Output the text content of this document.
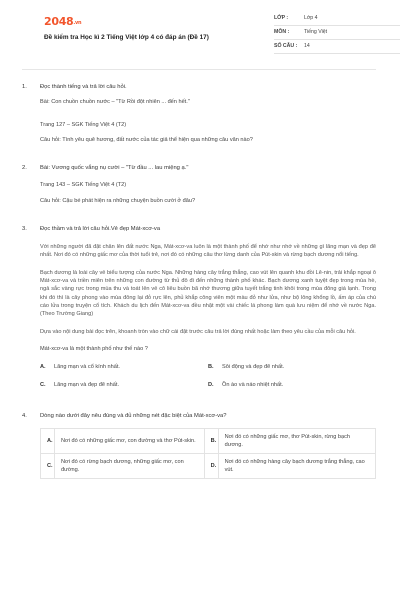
2048.vn
Đề kiểm tra Học kì 2 Tiếng Việt lớp 4 có đáp án (Đề 17)
LỚP :	Lớp 4
MÔN :	Tiếng Việt
SỐ CÂU :	14
1. Đọc thành tiếng và trả lời câu hỏi.
Bài: Con chuồn chuồn nước – "Từ Rồi đột nhiên ... đến hết."
Trang 127 – SGK Tiếng Việt 4 (T2)
Câu hỏi: Tình yêu quê hương, đất nước của tác giả thể hiện qua những câu văn nào?
2. Bài: Vương quốc vắng nụ cười – "Từ đầu ... lau miệng ạ."
Trang 143 – SGK Tiếng Việt 4 (T2)
Câu hỏi: Cậu bé phát hiện ra những chuyện buồn cười ở đâu?
3. Đọc thầm và trả lời câu hỏi.Vẻ đẹp Mát-xcơ-va
Với những người đã đặt chân lên đất nước Nga, Mát-xcơ-va luôn là một thành phố để nhớ như nhớ về những gì lãng mạn và đẹp đẽ nhất. Nơi đó có những giấc mơ của thời tuổi trẻ, nơi đó có những câu thơ lừng danh của Pút-skin và rừng bạch dương nổi tiếng.
Bạch dương là loài cây vẻ biểu tượng của nước Nga. Những hàng cây trắng thẳng, cao vút lên quanh khu đồi Lê-nin, trải khắp ngoại ô Mát-xcơ-va và triền miên trên những con đường từ thủ đô đi đến những thành phố khác. Bạch dương xanh tuyệt đẹp trong mùa hè, ngả sắc vàng rực trong mùa thu và toát lên vẻ cô liêu buồn bã nhớ thương giữa tuyết trắng tinh khôi trong mùa đông giá lạnh. Trong khi đó thì là cây phong vào mùa đông lại đỏ rực lên, phủ khắp công viên một màu đỏ như lửa, như bộ lông khổng lồ, ấm áp của chú cáo lửa trong truyện cổ tích. Khách du lịch đến Mát-xcơ-va đều nhặt một vài chiếc lá phong làm quà lưu niệm để nhớ về nước Nga. (Theo Trường Giang)
Dựa vào nội dung bài đọc trên, khoanh tròn vào chữ cái đặt trước câu trả lời đúng nhất hoặc làm theo yêu cầu của mỗi câu hỏi.
Mát-xcơ-va là một thành phố như thế nào ?
A.	Lãng mạn và cổ kính nhất.	B.	Sôi động và đẹp đẽ nhất.
C.	Lãng mạn và đẹp đẽ nhất.	D.	Ồn ào và náo nhiệt nhất.
4. Dòng nào dưới đây nêu đúng và đủ những nét đặc biệt của Mát-xcơ-va?
A.	Nơi đó có những giấc mơ, con đường và thơ Pút-skin.	B.	Nơi đó có những giấc mơ, thơ Pút-skin, rừng bạch dương.
C.	Nơi đó có rừng bạch dương, những giấc mơ, con đường.	D.	Nơi đó có những hàng cây bạch dương trắng thẳng, cao vút.
